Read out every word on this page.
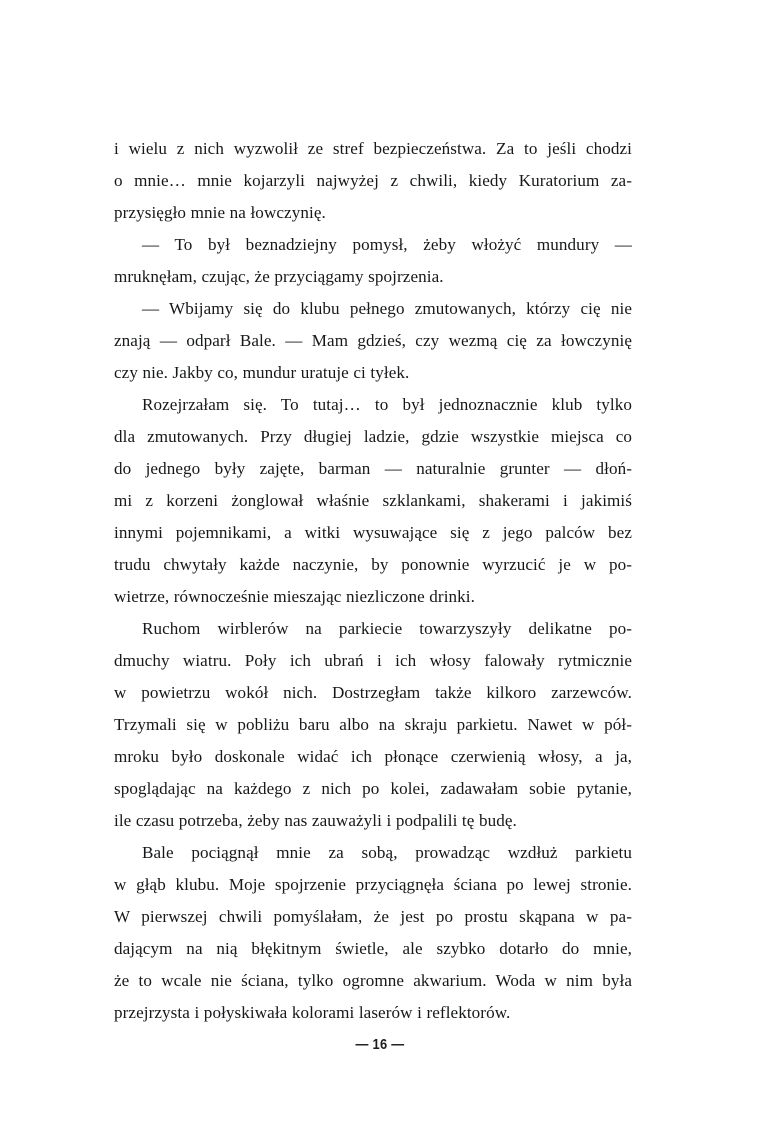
i wielu z nich wyzwolił ze stref bezpieczeństwa. Za to jeśli chodzi
o mnie… mnie kojarzyli najwyżej z chwili, kiedy Kuratorium za-
przysięgło mnie na łowczynię.

— To był beznadziejny pomysł, żeby włożyć mundury —
mruknęłam, czując, że przyciągamy spojrzenia.

— Wbijamy się do klubu pełnego zmutowanych, którzy cię nie
znają — odparł Bale. — Mam gdzieś, czy wezmą cię za łowczynię
czy nie. Jakby co, mundur uratuje ci tyłek.

Rozejrzałam się. To tutaj… to był jednoznacznie klub tylko
dla zmutowanych. Przy długiej ladzie, gdzie wszystkie miejsca co
do jednego były zajęte, barman — naturalnie grunter — dłoń-
mi z korzeni żonglował właśnie szklankami, shakerami i jakimiś
innymi pojemnikami, a witki wysuwające się z jego palców bez
trudu chwytały każde naczynie, by ponownie wyrzucić je w po-
wietrze, równocześnie mieszając niezliczone drinki.

Ruchom wirblerów na parkiecie towarzyszyły delikatne po-
dmuchy wiatru. Poły ich ubrań i ich włosy falowały rytmicznie
w powietrzu wokół nich. Dostrzegłam także kilkoro zarzewców.
Trzymali się w pobliżu baru albo na skraju parkietu. Nawet w pół-
mroku było doskonale widać ich płonące czerwienią włosy, a ja,
spoglądając na każdego z nich po kolei, zadawałam sobie pytanie,
ile czasu potrzeba, żeby nas zauważyli i podpalili tę budę.

Bale pociągnął mnie za sobą, prowadząc wzdłuż parkietu
w głąb klubu. Moje spojrzenie przyciągnęła ściana po lewej stronie.
W pierwszej chwili pomyślałam, że jest po prostu skąpana w pa-
dającym na nią błękitnym świetle, ale szybko dotarło do mnie,
że to wcale nie ściana, tylko ogromne akwarium. Woda w nim była
przejrzysta i połyskiwała kolorami laserów i reflektorów.

— 16 —
